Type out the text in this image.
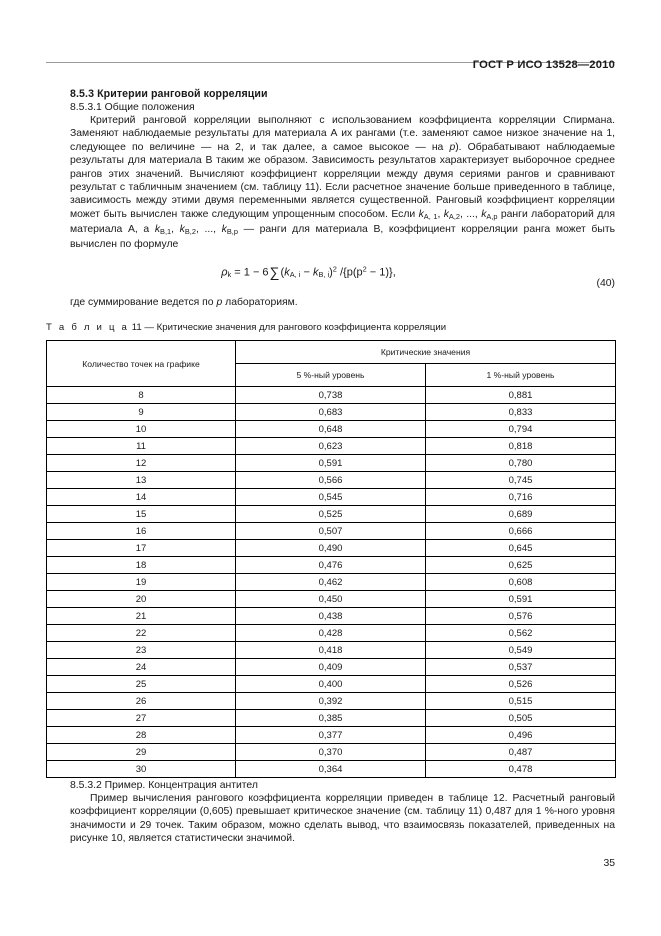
ГОСТ Р ИСО 13528—2010
8.5.3 Критерии ранговой корреляции
8.5.3.1 Общие положения

Критерий ранговой корреляции выполняют с использованием коэффициента корреляции Спирмана. Заменяют наблюдаемые результаты для материала А их рангами (т.е. заменяют самое низкое значение на 1, следующее по величине — на 2, и так далее, а самое высокое — на p). Обрабатывают наблюдаемые результаты для материала В таким же образом. Зависимость результатов характеризует выборочное среднее рангов этих значений. Вычисляют коэффициент корреляции между двумя сериями рангов и сравнивают результат с табличным значением (см. таблицу 11). Если расчетное значение больше приведенного в таблице, зависимость между этими двумя переменными является существенной. Ранговый коэффициент корреляции может быть вычислен также следующим упрощенным способом. Если $k_{A, 1}$, $k_{A,2}$, ..., $k_{A,p}$ ранги лабораторий для материала А, а $k_{B,1}$, $k_{B,2}$, ..., $k_{B,p}$ — ранги для материала В, коэффициент корреляции ранга может быть вычислен по формуле

$\rho_k = 1 - 6\sum(k_{A, i} - k_{B, i})^2$ $/\{p(p^2 - 1)\}$,
(40)
где суммирование ведется по p лабораториям.
Т а б л и ц а 11 — Критические значения для рангового коэффициента корреляции
Количество точек на графике	Критические значения	
	5 %-ный уровень	1 %-ный уровень
8	0,738	0,881
9	0,683	0,833
10	0,648	0,794
11	0,623	0,818
12	0,591	0,780
13	0,566	0,745
14	0,545	0,716
15	0,525	0,689
16	0,507	0,666
17	0,490	0,645
18	0,476	0,625
19	0,462	0,608
20	0,450	0,591
21	0,438	0,576
22	0,428	0,562
23	0,418	0,549
24	0,409	0,537
25	0,400	0,526
26	0,392	0,515
27	0,385	0,505
28	0,377	0,496
29	0,370	0,487
30	0,364	0,478
8.5.3.2 Пример. Концентрация антител

Пример вычисления рангового коэффициента корреляции приведен в таблице 12. Расчетный ранговый коэффициент корреляции (0,605) превышает критическое значение (см. таблицу 11) 0,487 для 1 %-ного уровня значимости и 29 точек. Таким образом, можно сделать вывод, что взаимосвязь показателей, приведенных на рисунке 10, является статистически значимой.

35
